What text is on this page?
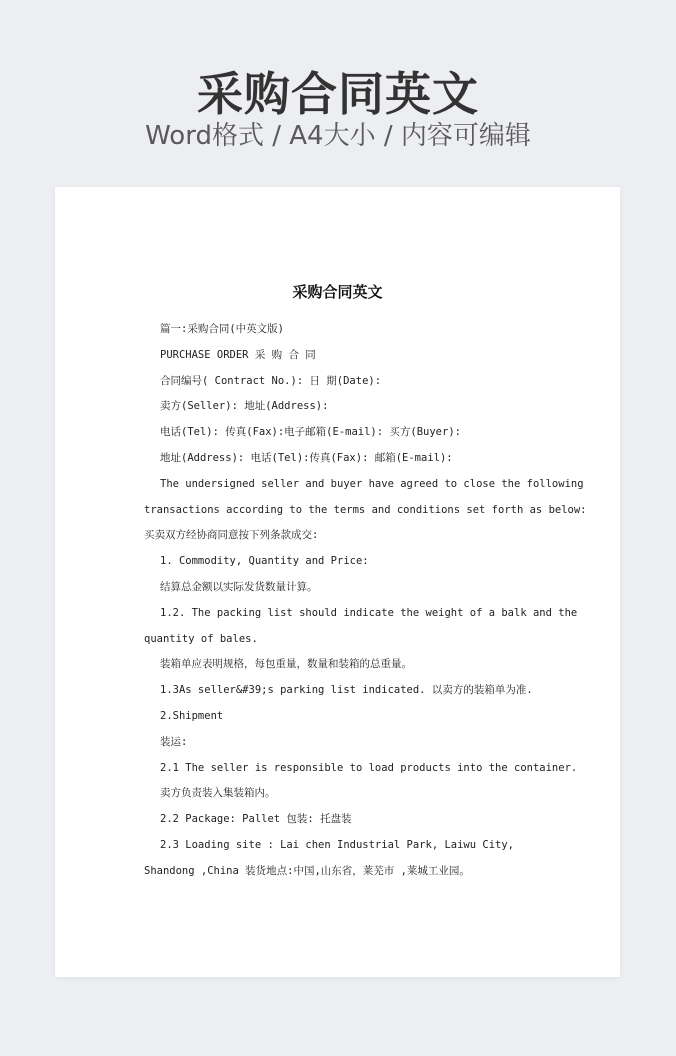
采购合同英文
Word格式 / A4大小 / 内容可编辑
采购合同英文
篇一:采购合同(中英文版)
PURCHASE ORDER 采 购 合 同
合同编号( Contract No.): 日 期(Date):
卖方(Seller): 地址(Address):
电话(Tel): 传真(Fax):电子邮箱(E-mail): 买方(Buyer):
地址(Address): 电话(Tel):传真(Fax): 邮箱(E-mail):
The undersigned seller and buyer have agreed to close the following
transactions according to the terms and conditions set forth as below:
买卖双方经协商同意按下列条款成交:
1. Commodity, Quantity and Price:
结算总金额以实际发货数量计算。
1.2. The packing list should indicate the weight of a balk and the
quantity of bales.
装箱单应表明规格，每包重量，数量和装箱的总重量。
1.3As seller&#39;s parking list indicated. 以卖方的装箱单为准.
2.Shipment
装运:
2.1 The seller is responsible to load products into the container.
卖方负责装入集装箱内。
2.2 Package: Pallet 包装: 托盘装
2.3 Loading site : Lai chen Industrial Park, Laiwu City,
Shandong ,China 装货地点:中国,山东省，莱芜市 ,莱城工业园。
